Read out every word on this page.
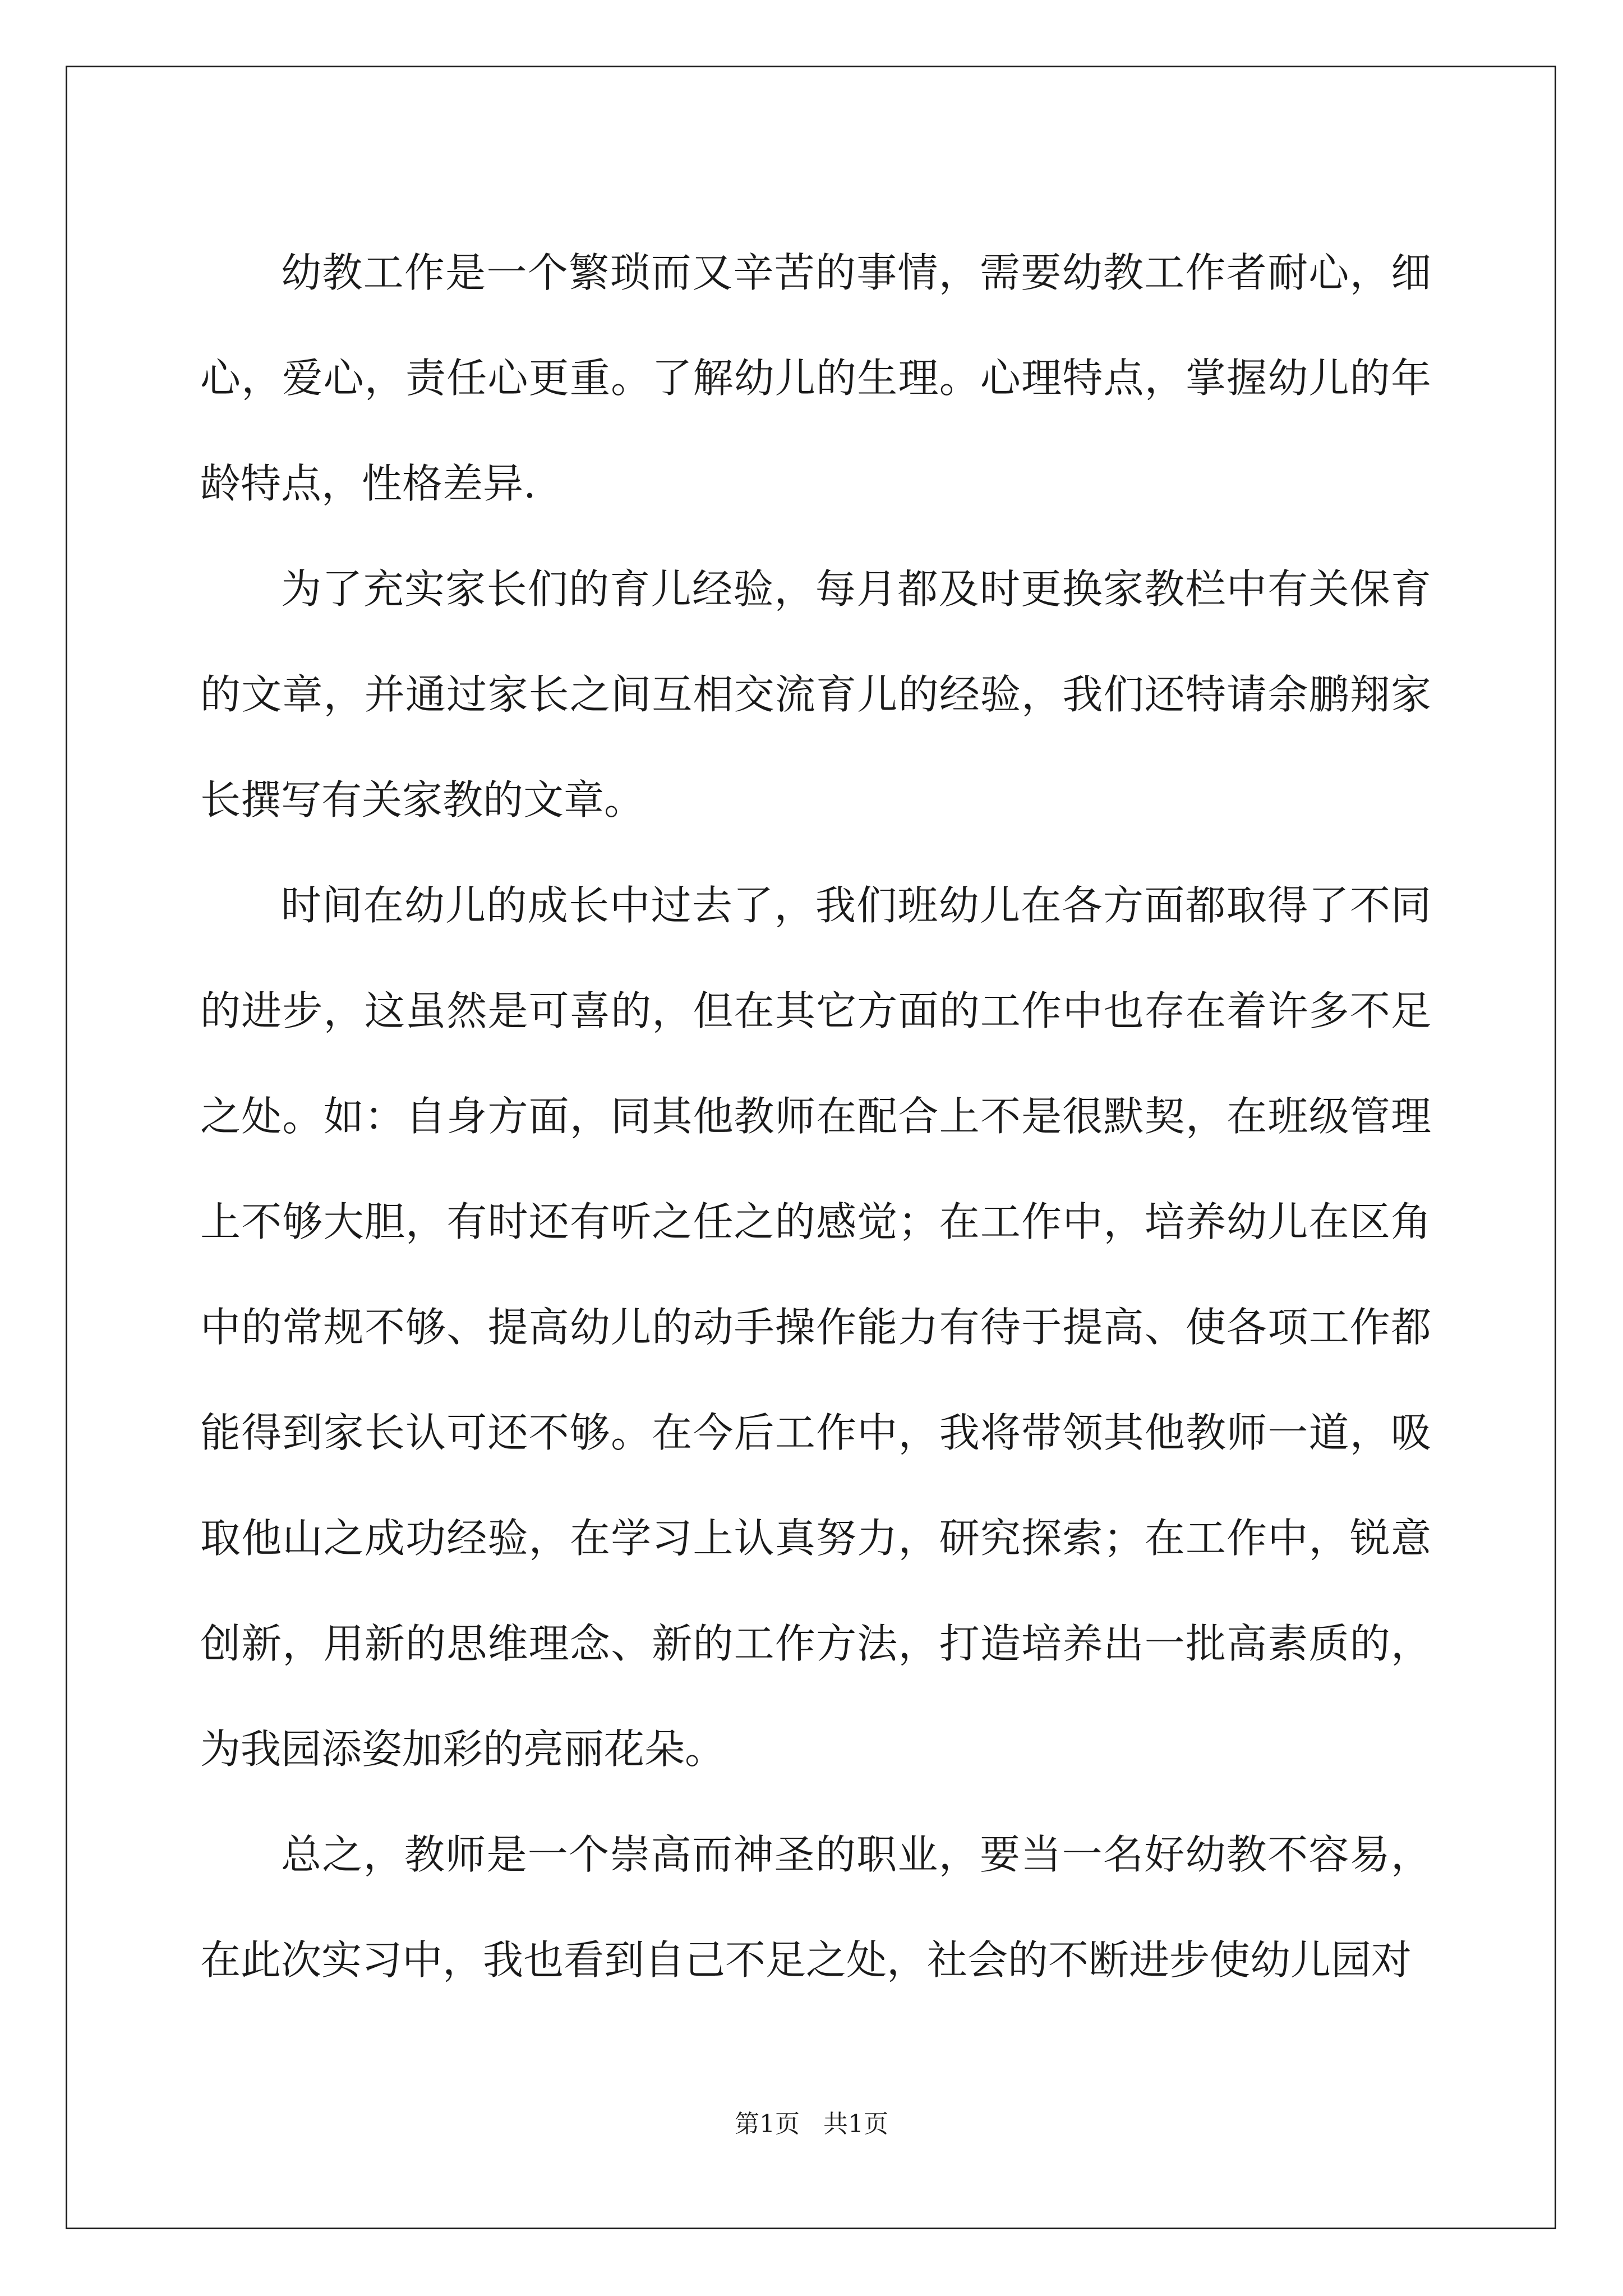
幼教工作是一个繁琐而又辛苦的事情，需要幼教工作者耐心，细心，爱心，责任心更重。了解幼儿的生理。心理特点，掌握幼儿的年龄特点，性格差异.

为了充实家长们的育儿经验，每月都及时更换家教栏中有关保育的文章，并通过家长之间互相交流育儿的经验，我们还特请余鹏翔家长撰写有关家教的文章。

时间在幼儿的成长中过去了，我们班幼儿在各方面都取得了不同的进步，这虽然是可喜的，但在其它方面的工作中也存在着许多不足之处。如：自身方面，同其他教师在配合上不是很默契，在班级管理上不够大胆，有时还有听之任之的感觉；在工作中，培养幼儿在区角中的常规不够、提高幼儿的动手操作能力有待于提高、使各项工作都能得到家长认可还不够。在今后工作中，我将带领其他教师一道，吸取他山之成功经验，在学习上认真努力，研究探索；在工作中，锐意创新，用新的思维理念、新的工作方法，打造培养出一批高素质的，为我园添姿加彩的亮丽花朵。

总之，教师是一个崇高而神圣的职业，要当一名好幼教不容易，在此次实习中，我也看到自己不足之处，社会的不断进步使幼儿园对

第1页 共1页
